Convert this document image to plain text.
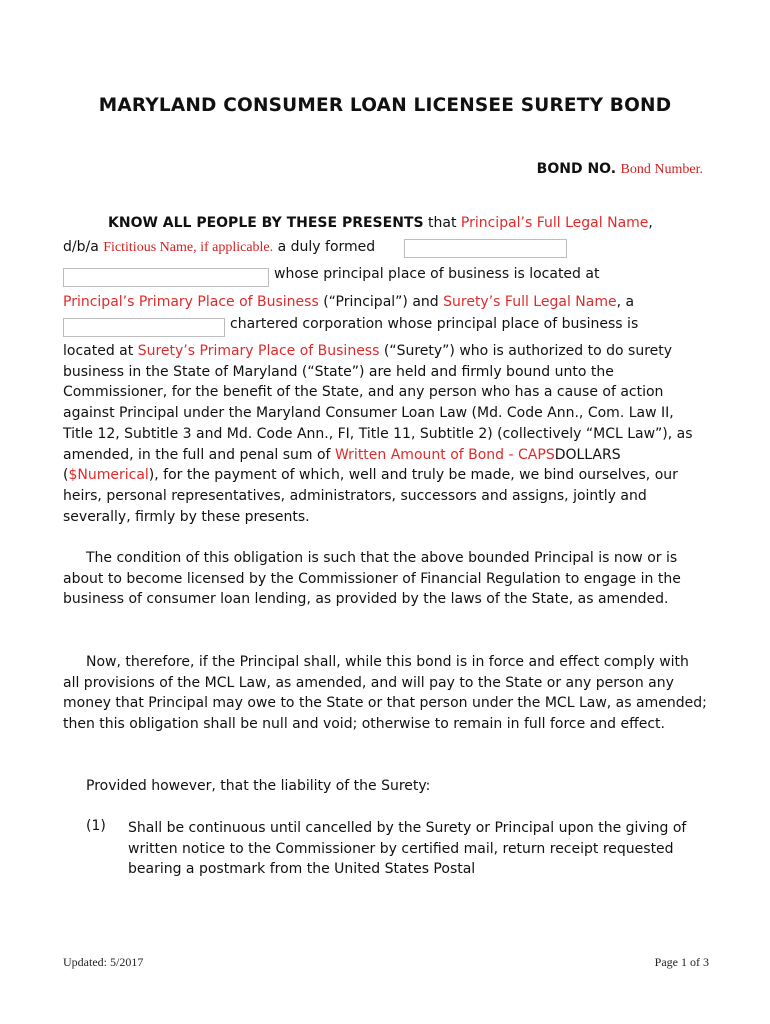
MARYLAND CONSUMER LOAN LICENSEE SURETY BOND
BOND NO. Bond Number.
KNOW ALL PEOPLE BY THESE PRESENTS that Principal’s Full Legal Name,
d/b/a Fictitious Name, if applicable. a duly formed
whose principal place of business is located at
Principal’s Primary Place of Business (“Principal”) and Surety’s Full Legal Name, a
chartered corporation whose principal place of business is

located at Surety’s Primary Place of Business (“Surety”) who is authorized to do surety business in the State of Maryland (“State”) are held and firmly bound unto the Commissioner, for the benefit of the State, and any person who has a cause of action against Principal under the Maryland Consumer Loan Law (Md. Code Ann., Com. Law II, Title 12, Subtitle 3 and Md. Code Ann., FI, Title 11, Subtitle 2) (collectively “MCL Law”), as amended, in the full and penal sum of Written Amount of Bond - CAPSDOLLARS ($Numerical), for the payment of which, well and truly be made, we bind ourselves, our heirs, personal representatives, administrators, successors and assigns, jointly and severally, firmly by these presents.

The condition of this obligation is such that the above bounded Principal is now or is about to become licensed by the Commissioner of Financial Regulation to engage in the business of consumer loan lending, as provided by the laws of the State, as amended.

Now, therefore, if the Principal shall, while this bond is in force and effect comply with all provisions of the MCL Law, as amended, and will pay to the State or any person any money that Principal may owe to the State or that person under the MCL Law, as amended; then this obligation shall be null and void; otherwise to remain in full force and effect.

Provided however, that the liability of the Surety:

(1) Shall be continuous until cancelled by the Surety or Principal upon the giving of written notice to the Commissioner by certified mail, return receipt requested bearing a postmark from the United States Postal
Updated: 5/2017	Page 1 of 3
